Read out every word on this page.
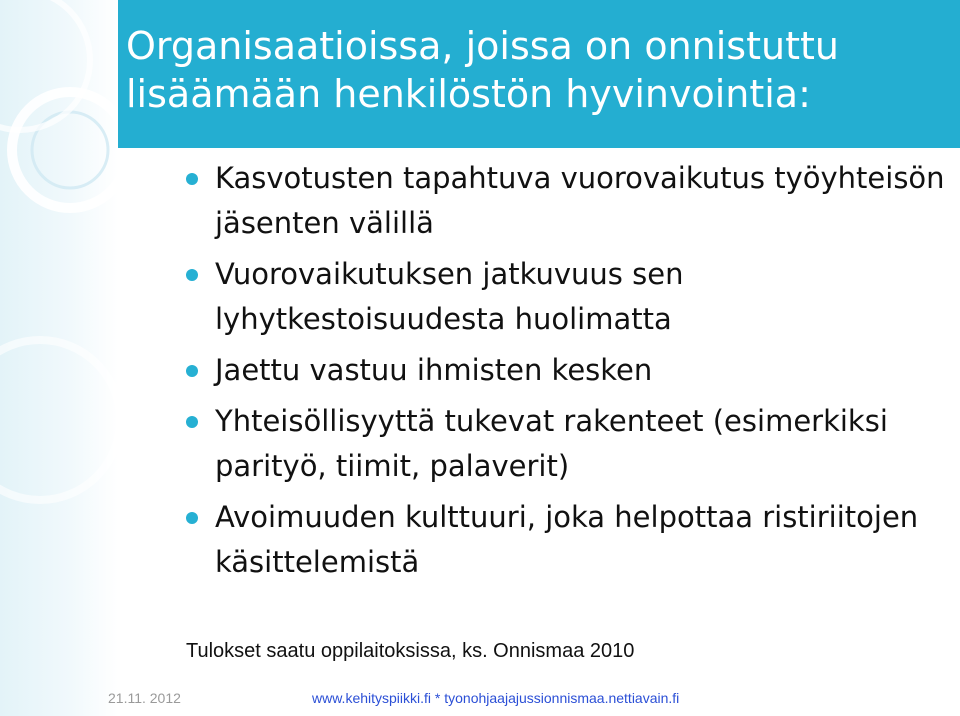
Organisaatioissa, joissa on onnistuttu
lisäämään henkilöstön hyvinvointia:
Kasvotusten tapahtuva vuorovaikutus työyhteisön jäsenten välillä
Vuorovaikutuksen jatkuvuus sen lyhytkestoisuudesta huolimatta
Jaettu vastuu ihmisten kesken
Yhteisöllisyyttä tukevat rakenteet (esimerkiksi parityö, tiimit, palaverit)
Avoimuuden kulttuuri, joka helpottaa ristiriitojen käsittelemistä

Tulokset saatu oppilaitoksissa, ks. Onnismaa 2010

21.11. 2012	www.kehityspiikki.fi * tyonohjaajajussionnismaa.nettiavain.fi
